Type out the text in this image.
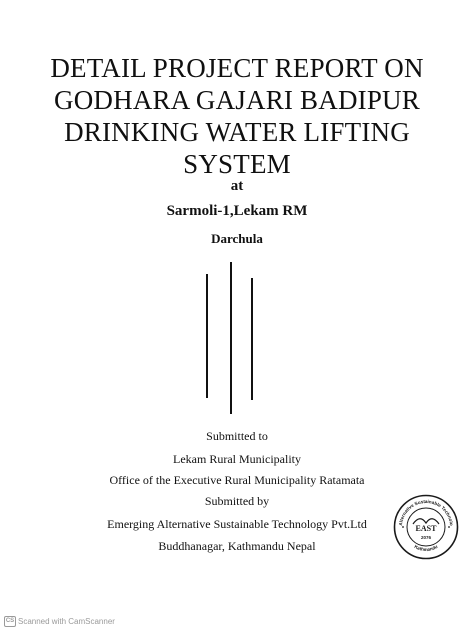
DETAIL PROJECT REPORT ON
GODHARA GAJARI BADIPUR
DRINKING WATER LIFTING
SYSTEM
at
Sarmoli-1,Lekam RM
Darchula
Submitted to
Lekam Rural Municipality
Office of the Executive Rural Municipality Ratamata
Submitted by
Emerging Alternative Sustainable Technology Pvt.Ltd
Buddhanagar, Kathmandu Nepal
Alternative Sustainable Technolo
Kathmandu
EAST
2076
CS Scanned with CamScanner
